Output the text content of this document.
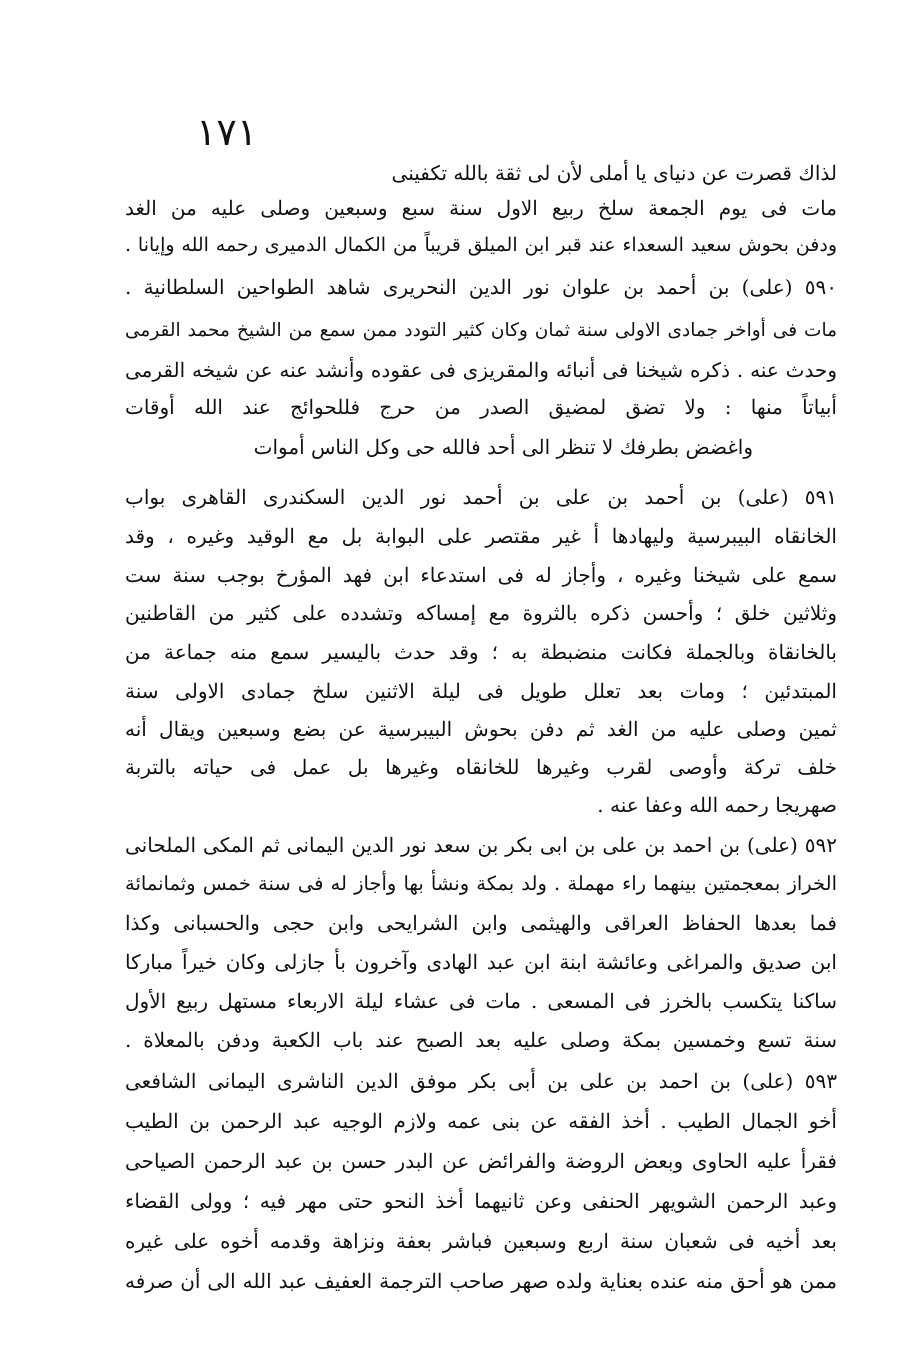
١٧١
لذاك قصرت عن دنياى يا أملى لأن لى ثقة بالله تكفينى
مات فى يوم الجمعة سلخ ربيع الاول سنة سبع وسبعين وصلى عليه من الغد
ودفن بحوش سعيد السعداء عند قبر ابن الميلق قريباً من الكمال الدميرى رحمه الله وإيانا .
٥٩٠ (على) بن أحمد بن علوان نور الدين النحريرى شاهد الطواحين السلطانية .
مات فى أواخر جمادى الاولى سنة ثمان وكان كثير التودد ممن سمع من الشيخ محمد القرمى
وحدث عنه . ذكره شيخنا فى أنبائه والمقريزى فى عقوده وأنشد عنه عن شيخه القرمى
أبياتاً منها : ولا تضق لمضيق الصدر من حرج فللحوائج عند الله أوقات
واغضض بطرفك لا تنظر الى أحد فالله حى وكل الناس أموات
٥٩١ (على) بن أحمد بن على بن أحمد نور الدين السكندرى القاهرى بواب
الخانقاه البيبرسية وليهادها أ غير مقتصر على البوابة بل مع الوقيد وغيره ، وقد
سمع على شيخنا وغيره ، وأجاز له فى استدعاء ابن فهد المؤرخ بوجب سنة ست
وثلاثين خلق ؛ وأحسن ذكره بالثروة مع إمساكه وتشدده على كثير من القاطنين
بالخانقاة وبالجملة فكانت منضبطة به ؛ وقد حدث باليسير سمع منه جماعة من
المبتدئين ؛ ومات بعد تعلل طويل فى ليلة الاثنين سلخ جمادى الاولى سنة
ثمين وصلى عليه من الغد ثم دفن بحوش البيبرسية عن بضع وسبعين ويقال أنه
خلف تركة وأوصى لقرب وغيرها للخانقاه وغيرها بل عمل فى حياته بالتربة
صهريجا رحمه الله وعفا عنه .
٥٩٢ (على) بن احمد بن على بن ابى بكر بن سعد نور الدين اليمانى ثم المكى الملحانى
الخراز بمعجمتين بينهما راء مهملة . ولد بمكة ونشأ بها وأجاز له فى سنة خمس وثمانمائة
فما بعدها الحفاظ العراقى والهيثمى وابن الشرايحى وابن حجى والحسبانى وكذا
ابن صديق والمراغى وعائشة ابنة ابن عبد الهادى وآخرون بأ جازلى وكان خيراً مباركا
ساكنا يتكسب بالخرز فى المسعى . مات فى عشاء ليلة الاربعاء مستهل ربيع الأول
سنة تسع وخمسين بمكة وصلى عليه بعد الصبح عند باب الكعبة ودفن بالمعلاة .
٥٩٣ (على) بن احمد بن على بن أبى بكر موفق الدين الناشرى اليمانى الشافعى
أخو الجمال الطيب . أخذ الفقه عن بنى عمه ولازم الوجيه عبد الرحمن بن الطيب
فقرأ عليه الحاوى وبعض الروضة والفرائض عن البدر حسن بن عبد الرحمن الصياحى
وعبد الرحمن الشويهر الحنفى وعن ثانيهما أخذ النحو حتى مهر فيه ؛ وولى القضاء
بعد أخيه فى شعبان سنة اربع وسبعين فباشر بعفة ونزاهة وقدمه أخوه على غيره
ممن هو أحق منه عنده بعناية ولده صهر صاحب الترجمة العفيف عبد الله الى أن صرفه
